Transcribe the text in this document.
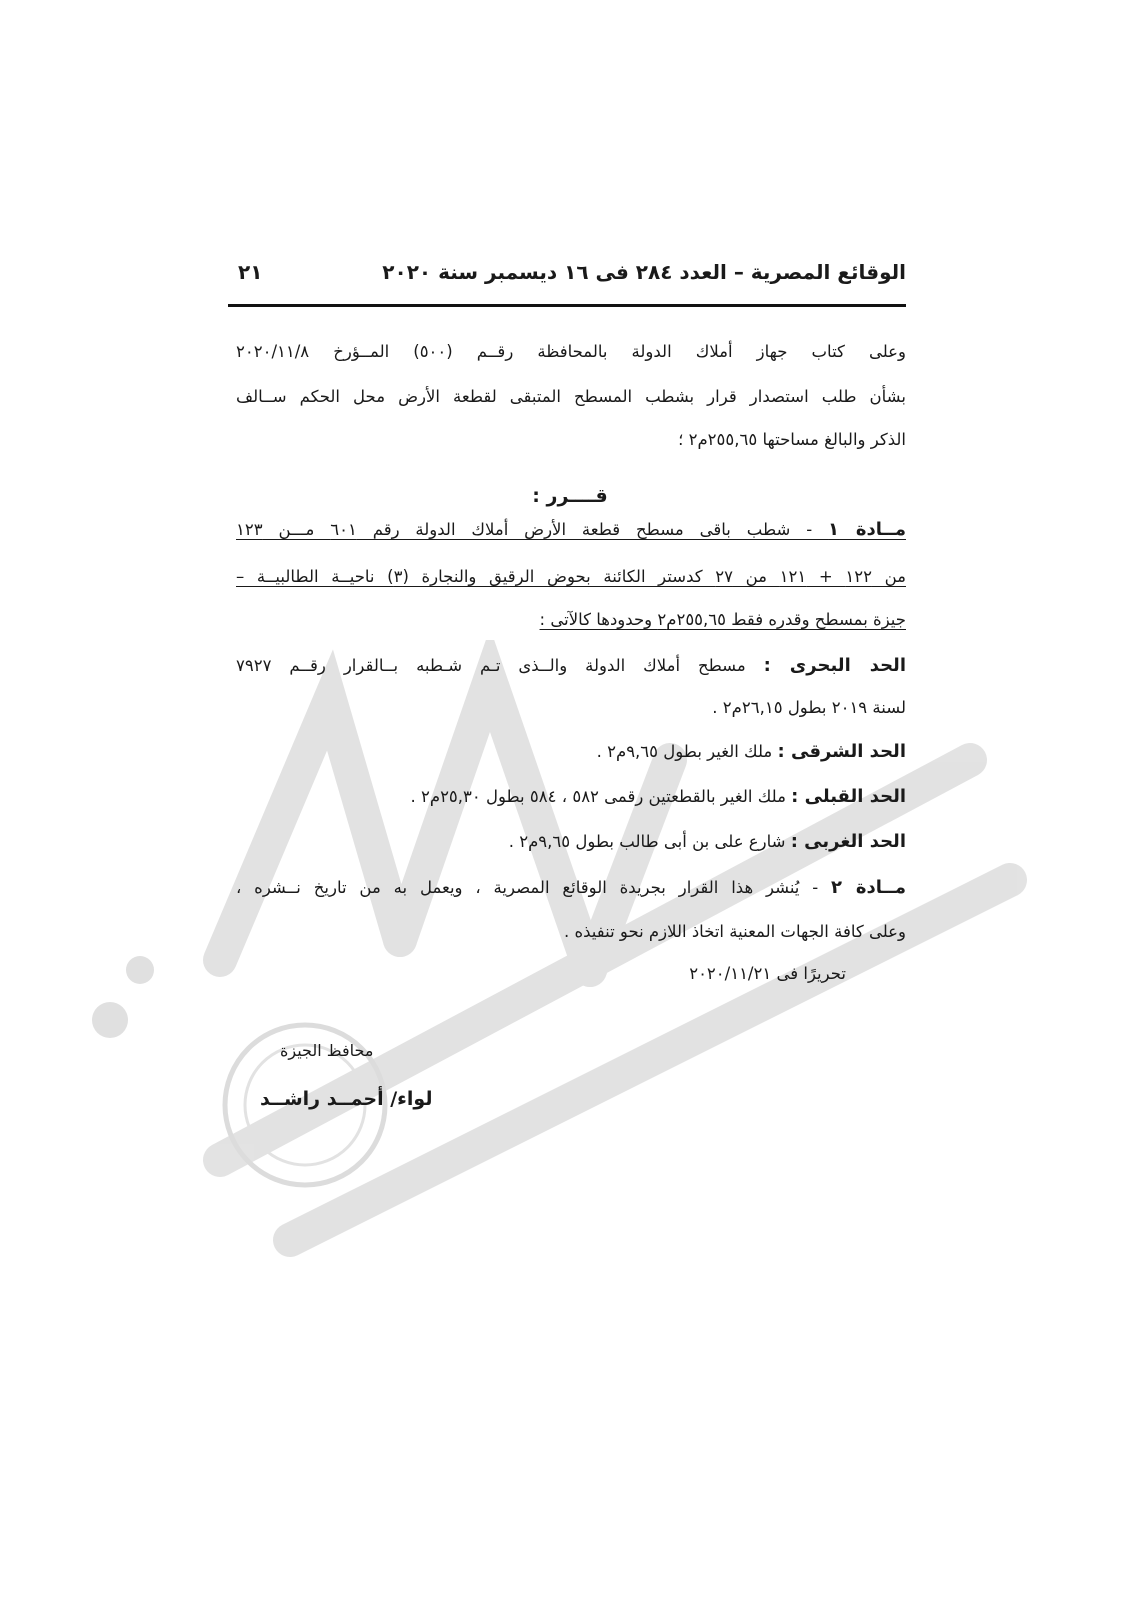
الوقائع المصرية – العدد ٢٨٤ فى ١٦ ديسمبر سنة ٢٠٢٠
٢١
وعلى كتاب جهاز أملاك الدولة بالمحافظة رقــم (٥٠٠) المــؤرخ ٢٠٢٠/١١/٨
بشأن طلب استصدار قرار بشطب المسطح المتبقى لقطعة الأرض محل الحكم ســالف
الذكر والبالغ مساحتها ٢٥٥,٦٥م٢ ؛
قــــرر :
مــادة ١ - شطب باقى مسطح قطعة الأرض أملاك الدولة رقم ٦٠١ مـــن ١٢٣
من ١٢٢ + ١٢١ من ٢٧ كدستر الكائنة بحوض الرقيق والنجارة (٣) ناحيــة الطالبيــة –
جيزة بمسطح وقدره فقط ٢٥٥,٦٥م٢ وحدودها كالآتى :
الحد البحرى : مسطح أملاك الدولة والــذى تـم شـطبه بــالقرار رقــم ٧٩٢٧
لسنة ٢٠١٩ بطول ٢٦,١٥م٢ .
الحد الشرقى : ملك الغير بطول ٩,٦٥م٢ .
الحد القبلى : ملك الغير بالقطعتين رقمى ٥٨٢ ، ٥٨٤ بطول ٢٥,٣٠م٢ .
الحد الغربى : شارع على بن أبى طالب بطول ٩,٦٥م٢ .
مــادة ٢ - يُنشر هذا القرار بجريدة الوقائع المصرية ، ويعمل به من تاريخ نــشره ،
وعلى كافة الجهات المعنية اتخاذ اللازم نحو تنفيذه .
تحريرًا فى ٢٠٢٠/١١/٢١
محافظ الجيزة
لواء/ أحمــد راشــد
